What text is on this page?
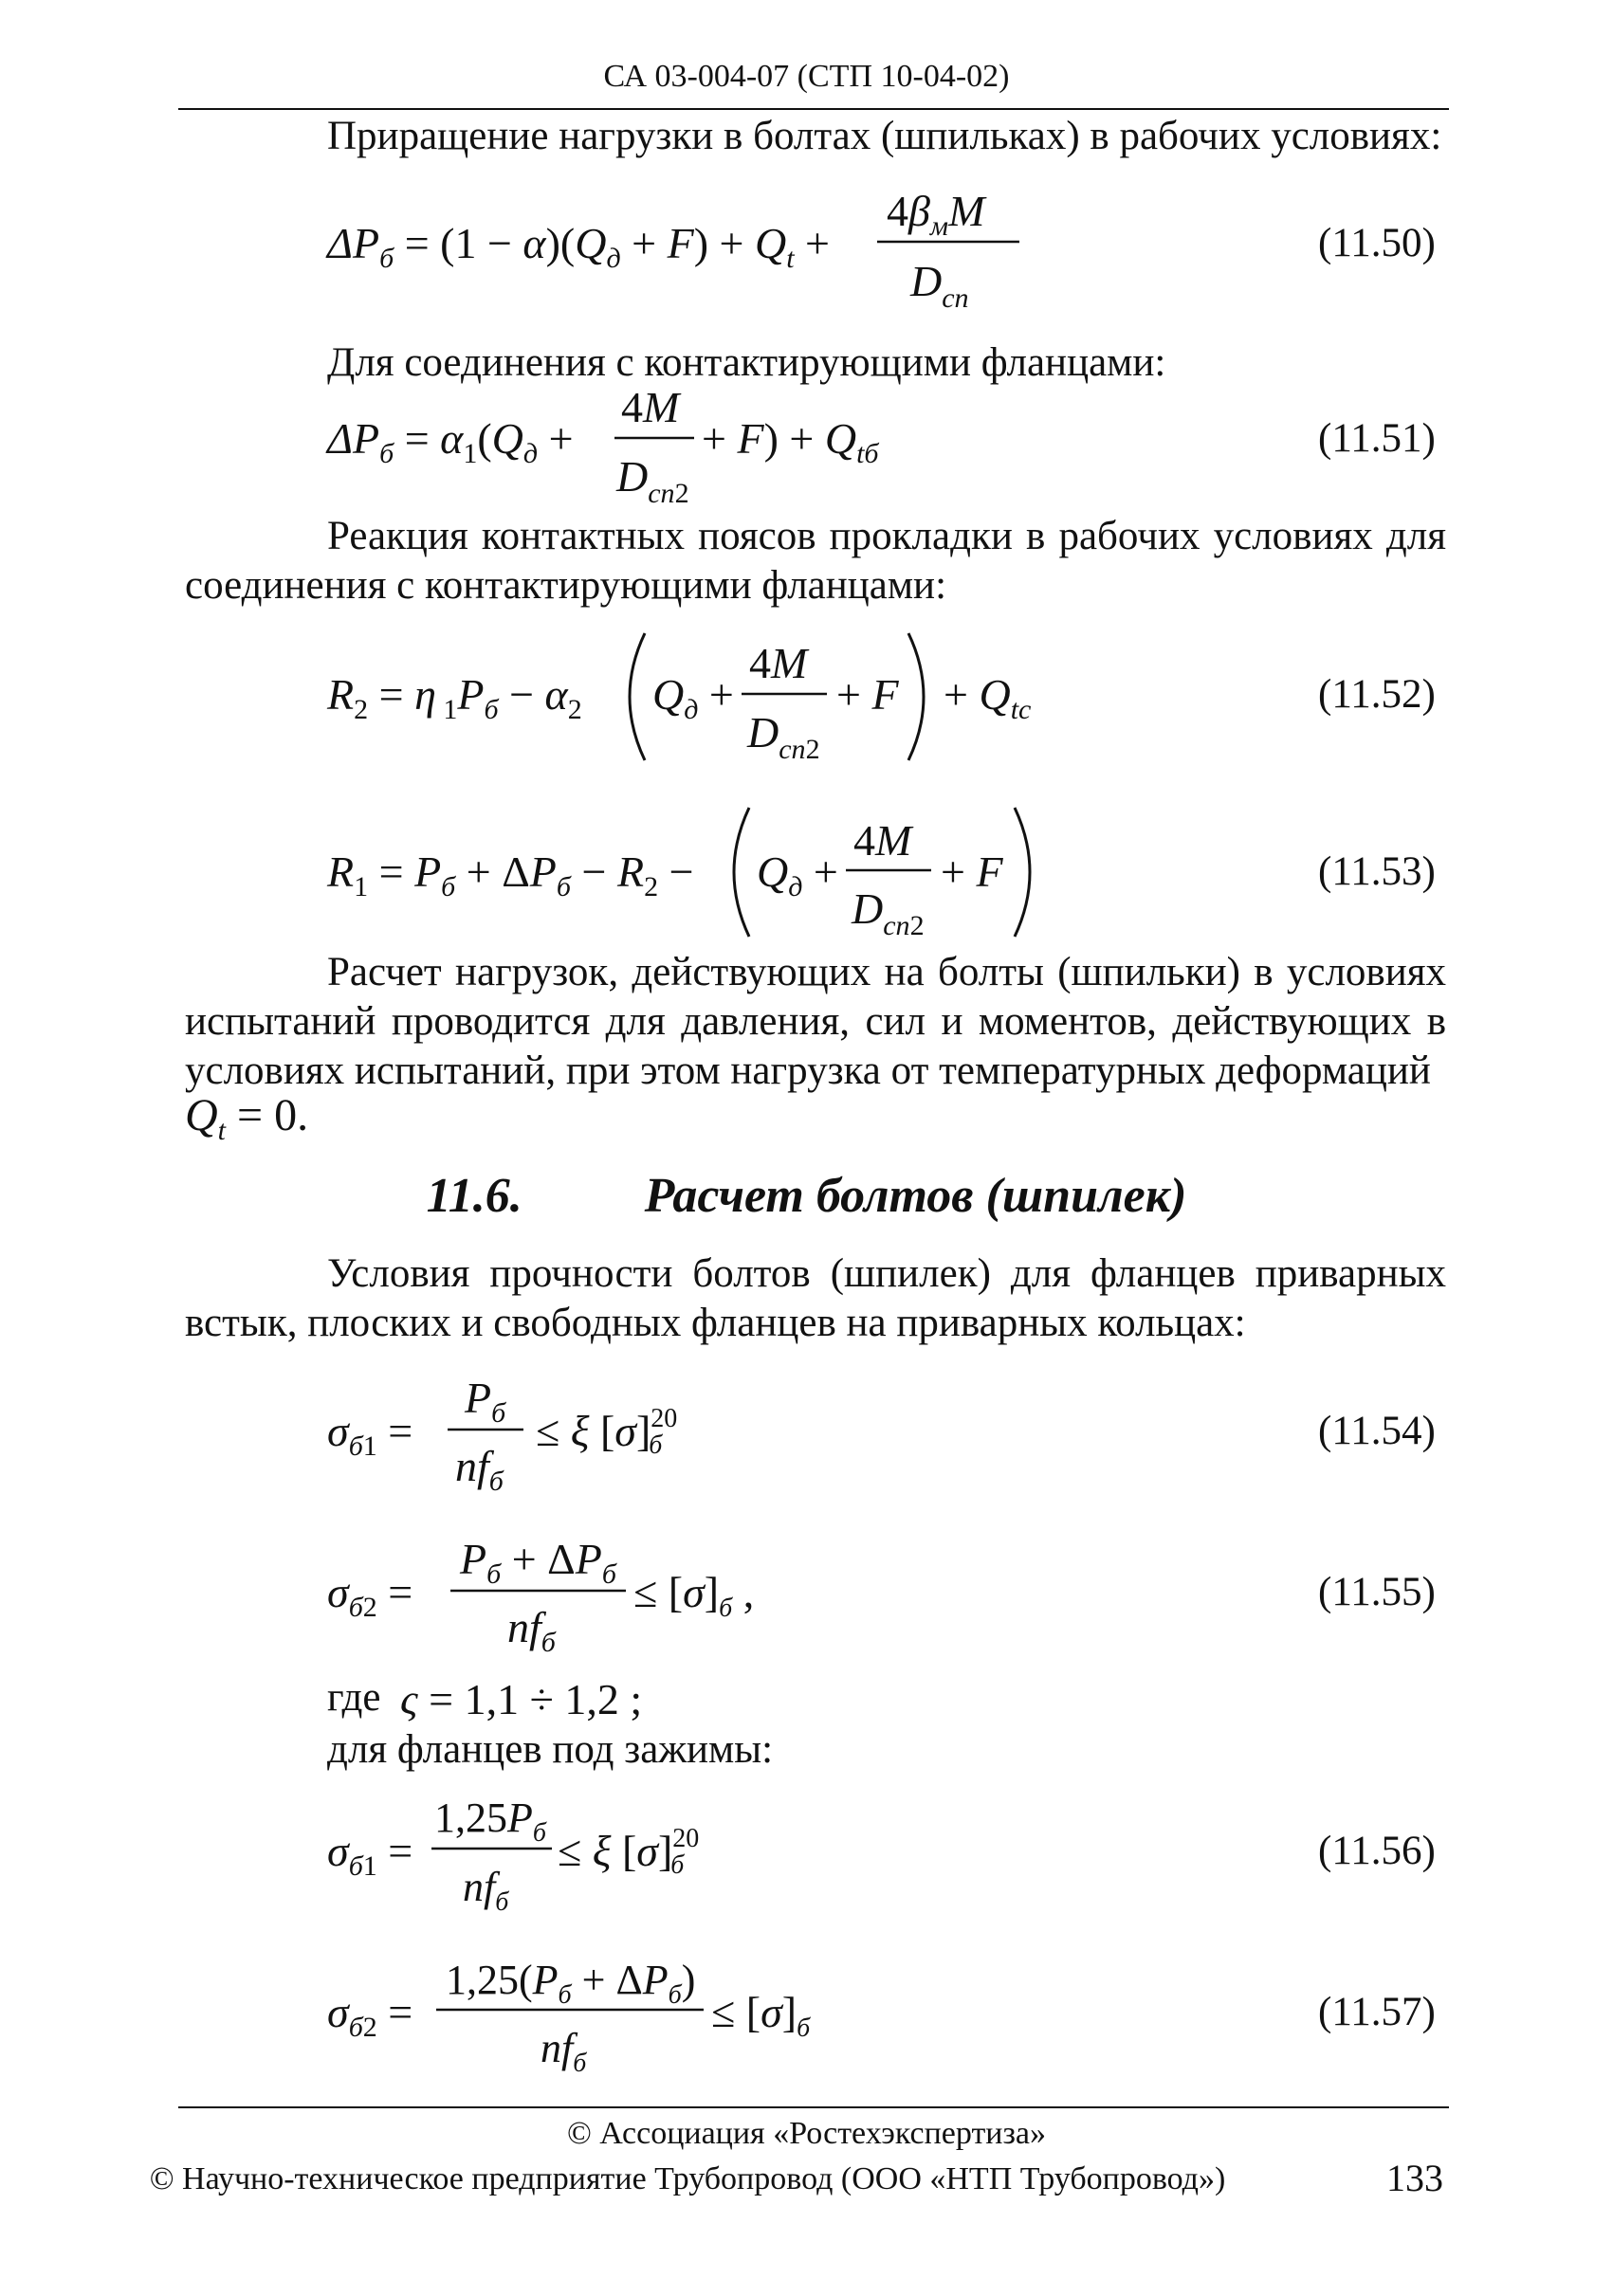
СА 03-004-07 (СТП 10-04-02)
Приращение нагрузки в болтах (шпильках) в рабочих условиях:
$\Delta P_б = (1 - \alpha)(Q_д + F) + Q_t$ +
$4\beta_мM$
$D_{сп}$
(11.50)
Для соединения с контактирующими фланцами:
$\Delta P_б = \alpha_1(Q_д$ +
4M
$D_{сп2}$
+ $F) + Q_{tб}$	(11.51)
Реакция контактных поясов прокладки в рабочих условиях для соединения с контактирующими фланцами:
$R_2 = \eta$ $_1P_б - \alpha_2$ $Q_д$ +
4M
$D_{сп2}$
+ $F + Q_{tc}$	(11.52)
$R_1 = P_б + \Delta P_б - R_2 - Q_д$ +
4M
$D_{сп2}$
+ F	(11.53)
Расчет нагрузок, действующих на болты (шпильки) в условиях испытаний проводится для давления, сил и моментов, действующих в условиях испытаний, при этом нагрузка от температурных деформаций
$Q_t = 0$.
11.6. Расчет болтов (шпилек)
Условия прочности болтов (шпилек) для фланцев приварных встык, плоских и свободных фланцев на приварных кольцах:
$\sigma_{б1}$ =
$P_б$
$nf_б$
≤ ξ $[\sigma]^{20}$ б	(11.54)
$\sigma_{б2}$ =
$P_б + \Delta P_б$
$nf_б$
≤ $[\sigma]_б$ ,	(11.55)
где ς = 1,1 ÷ 1,2 ;
для фланцев под зажимы:
$\sigma_{б1}$ =
$1,25P_б$
$nf_б$
≤ ξ $[\sigma]^{20}$ б	(11.56)
$\sigma_{б2}$ =
$1,25(P_б + \Delta P_б)$
$nf_б$
≤ $[\sigma]_б$	(11.57)
© Ассоциация «Ростехэкспертиза»
© Научно-техническое предприятие Трубопровод (ООО «НТП Трубопровод»)	133
